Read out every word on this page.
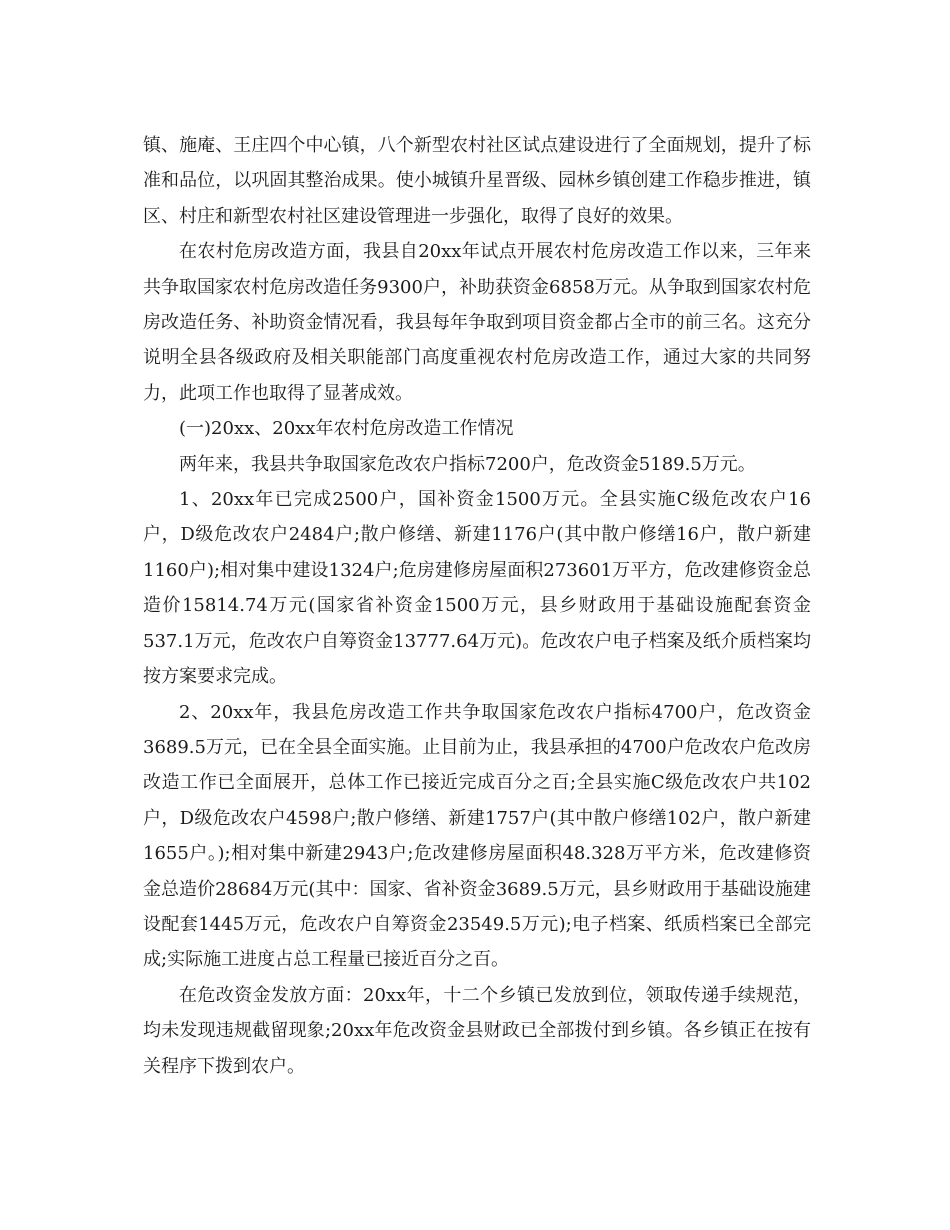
镇、施庵、王庄四个中心镇，八个新型农村社区试点建设进行了全面规划，提升了标准和品位，以巩固其整治成果。使小城镇升星晋级、园林乡镇创建工作稳步推进，镇区、村庄和新型农村社区建设管理进一步强化，取得了良好的效果。

在农村危房改造方面，我县自20xx年试点开展农村危房改造工作以来，三年来共争取国家农村危房改造任务9300户，补助获资金6858万元。从争取到国家农村危房改造任务、补助资金情况看，我县每年争取到项目资金都占全市的前三名。这充分说明全县各级政府及相关职能部门高度重视农村危房改造工作，通过大家的共同努力，此项工作也取得了显著成效。

(一)20xx、20xx年农村危房改造工作情况

两年来，我县共争取国家危改农户指标7200户，危改资金5189.5万元。

1、20xx年已完成2500户，国补资金1500万元。全县实施C级危改农户16户，D级危改农户2484户;散户修缮、新建1176户(其中散户修缮16户，散户新建1160户);相对集中建设1324户;危房建修房屋面积273601万平方，危改建修资金总造价15814.74万元(国家省补资金1500万元，县乡财政用于基础设施配套资金537.1万元，危改农户自筹资金13777.64万元)。危改农户电子档案及纸介质档案均按方案要求完成。

2、20xx年，我县危房改造工作共争取国家危改农户指标4700户，危改资金3689.5万元，已在全县全面实施。止目前为止，我县承担的4700户危改农户危改房改造工作已全面展开，总体工作已接近完成百分之百;全县实施C级危改农户共102户，D级危改农户4598户;散户修缮、新建1757户(其中散户修缮102户，散户新建1655户。);相对集中新建2943户;危改建修房屋面积48.328万平方米，危改建修资金总造价28684万元(其中：国家、省补资金3689.5万元，县乡财政用于基础设施建设配套1445万元，危改农户自筹资金23549.5万元);电子档案、纸质档案已全部完成;实际施工进度占总工程量已接近百分之百。

在危改资金发放方面：20xx年，十二个乡镇已发放到位，领取传递手续规范，均未发现违规截留现象;20xx年危改资金县财政已全部拨付到乡镇。各乡镇正在按有关程序下拨到农户。
